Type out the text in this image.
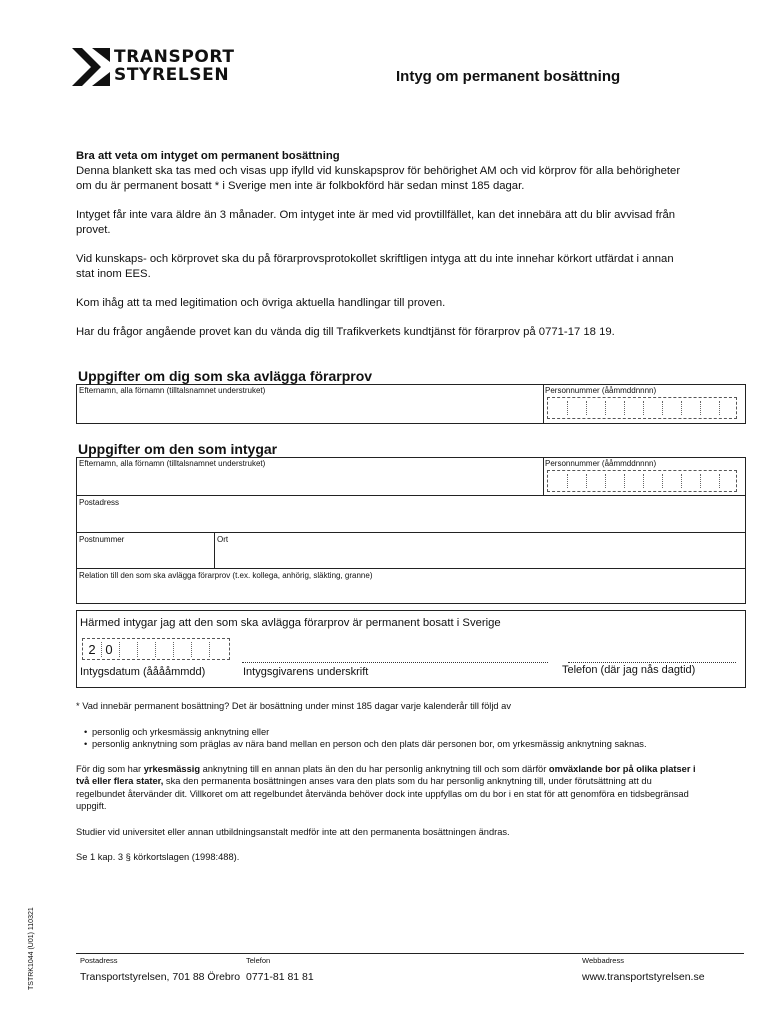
TRANSPORT
STYRELSEN	Intyg om permanent bosättning

Bra att veta om intyget om permanent bosättning
Denna blankett ska tas med och visas upp ifylld vid kunskapsprov för behörighet AM och vid körprov för alla behörigheter om du är permanent bosatt * i Sverige men inte är folkbokförd här sedan minst 185 dagar.

Intyget får inte vara äldre än 3 månader. Om intyget inte är med vid provtillfället, kan det innebära att du blir avvisad från provet.

Vid kunskaps- och körprovet ska du på förarprovsprotokollet skriftligen intyga att du inte innehar körkort utfärdat i annan stat inom EES.

Kom ihåg att ta med legitimation och övriga aktuella handlingar till proven.

Har du frågor angående provet kan du vända dig till Trafikverkets kundtjänst för förarprov på 0771-17 18 19.

Uppgifter om dig som ska avlägga förarprov
Efternamn, alla förnamn (tilltalsnamnet understruket)	Personnummer (ååmmddnnnn)
Uppgifter om den som intygar
Efternamn, alla förnamn (tilltalsnamnet understruket)	Personnummer (ååmmddnnnn)
Postadress
Postnummer	Ort
Relation till den som ska avlägga förarprov (t.ex. kollega, anhörig, släkting, granne)
Härmed intygar jag att den som ska avlägga förarprov är permanent bosatt i Sverige
2 0
Intygsdatum (ååååmmdd)	Intygsgivarens underskrift	Telefon (där jag nås dagtid)

* Vad innebär permanent bosättning? Det är bosättning under minst 185 dagar varje kalenderår till följd av

• personlig och yrkesmässig anknytning eller
• personlig anknytning som präglas av nära band mellan en person och den plats där personen bor, om yrkesmässig anknytning saknas.

För dig som har yrkesmässig anknytning till en annan plats än den du har personlig anknytning till och som därför omväxlande bor på olika platser i två eller flera stater, ska den permanenta bosättningen anses vara den plats som du har personlig anknytning till, under förutsättning att du regelbundet återvänder dit. Villkoret om att regelbundet återvända behöver dock inte uppfyllas om du bor i en stat för att genomföra en tidsbegränsad uppgift.

Studier vid universitet eller annan utbildningsanstalt medför inte att den permanenta bosättningen ändras.

Se 1 kap. 3 § körkortslagen (1998:488).

TSTRK1044 (U01) 110321	Postadress
Transportstyrelsen, 701 88 Örebro
Telefon
0771-81 81 81
Webbadress
www.transportstyrelsen.se
